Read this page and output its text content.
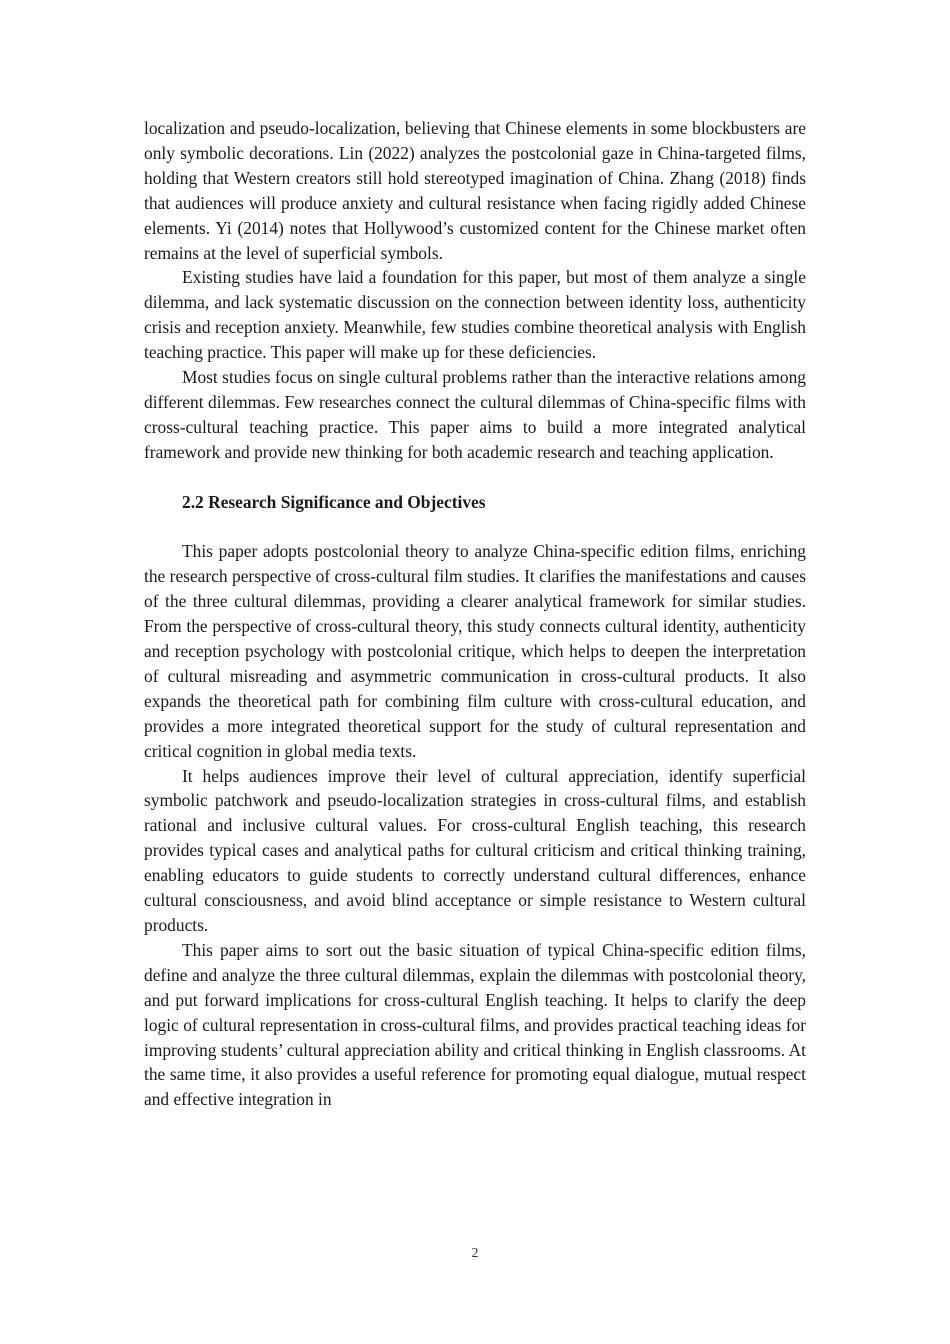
localization and pseudo-localization, believing that Chinese elements in some blockbusters are only symbolic decorations. Lin (2022) analyzes the postcolonial gaze in China-targeted films, holding that Western creators still hold stereotyped imagination of China. Zhang (2018) finds that audiences will produce anxiety and cultural resistance when facing rigidly added Chinese elements. Yi (2014) notes that Hollywood’s customized content for the Chinese market often remains at the level of superficial symbols.

Existing studies have laid a foundation for this paper, but most of them analyze a single dilemma, and lack systematic discussion on the connection between identity loss, authenticity crisis and reception anxiety. Meanwhile, few studies combine theoretical analysis with English teaching practice. This paper will make up for these deficiencies.

Most studies focus on single cultural problems rather than the interactive relations among different dilemmas. Few researches connect the cultural dilemmas of China-specific films with cross-cultural teaching practice. This paper aims to build a more integrated analytical framework and provide new thinking for both academic research and teaching application.

2.2 Research Significance and Objectives

This paper adopts postcolonial theory to analyze China-specific edition films, enriching the research perspective of cross-cultural film studies. It clarifies the manifestations and causes of the three cultural dilemmas, providing a clearer analytical framework for similar studies. From the perspective of cross-cultural theory, this study connects cultural identity, authenticity and reception psychology with postcolonial critique, which helps to deepen the interpretation of cultural misreading and asymmetric communication in cross-cultural products. It also expands the theoretical path for combining film culture with cross-cultural education, and provides a more integrated theoretical support for the study of cultural representation and critical cognition in global media texts.

It helps audiences improve their level of cultural appreciation, identify superficial symbolic patchwork and pseudo-localization strategies in cross-cultural films, and establish rational and inclusive cultural values. For cross-cultural English teaching, this research provides typical cases and analytical paths for cultural criticism and critical thinking training, enabling educators to guide students to correctly understand cultural differences, enhance cultural consciousness, and avoid blind acceptance or simple resistance to Western cultural products.

This paper aims to sort out the basic situation of typical China-specific edition films, define and analyze the three cultural dilemmas, explain the dilemmas with postcolonial theory, and put forward implications for cross-cultural English teaching. It helps to clarify the deep logic of cultural representation in cross-cultural films, and provides practical teaching ideas for improving students’ cultural appreciation ability and critical thinking in English classrooms. At the same time, it also provides a useful reference for promoting equal dialogue, mutual respect and effective integration in

2
